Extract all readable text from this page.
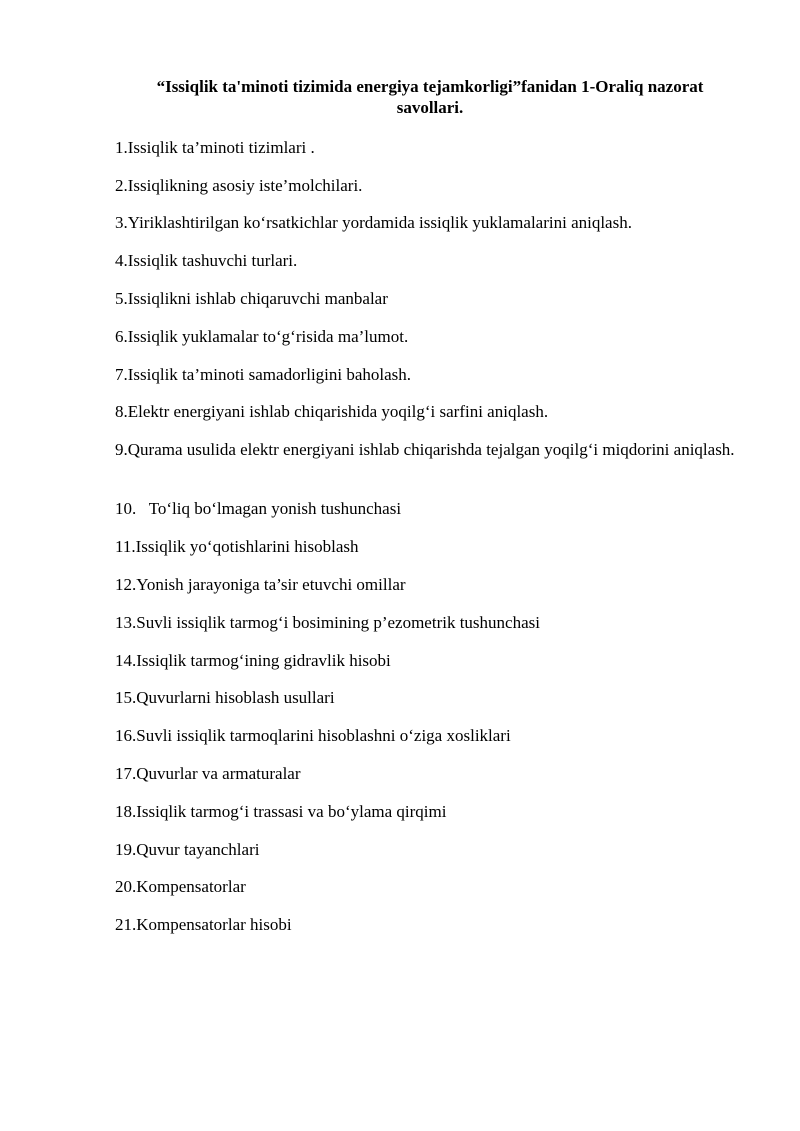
“Issiqlik ta'minoti tizimida energiya tejamkorligi”fanidan 1-Oraliq nazorat
savollari.
1.Issiqlik ta’minoti tizimlari .
2.Issiqlikning asosiy iste’molchilari.
3.Yiriklashtirilgan ko‘rsatkichlar yordamida issiqlik yuklamalarini aniqlash.
4.Issiqlik tashuvchi turlari.
5.Issiqlikni ishlab chiqaruvchi manbalar
6.Issiqlik yuklamalar to‘g‘risida ma’lumot.
7.Issiqlik ta’minoti samadorligini baholash.
8.Elektr energiyani ishlab chiqarishida yoqilg‘i sarfini aniqlash.
9.Qurama usulida elektr energiyani ishlab chiqarishda tejalgan yoqilg‘i miqdorini aniqlash.
10.   To‘liq bo‘lmagan yonish tushunchasi
11.Issiqlik yo‘qotishlarini hisoblash
12.Yonish jarayoniga ta’sir etuvchi omillar
13.Suvli issiqlik tarmog‘i bosimining p’ezometrik tushunchasi
14.Issiqlik tarmog‘ining gidravlik hisobi
15.Quvurlarni hisoblash usullari
16.Suvli issiqlik tarmoqlarini hisoblashni o‘ziga xosliklari
17.Quvurlar va armaturalar
18.Issiqlik tarmog‘i trassasi va bo‘ylama qirqimi
19.Quvur tayanchlari
20.Kompensatorlar
21.Kompensatorlar hisobi
